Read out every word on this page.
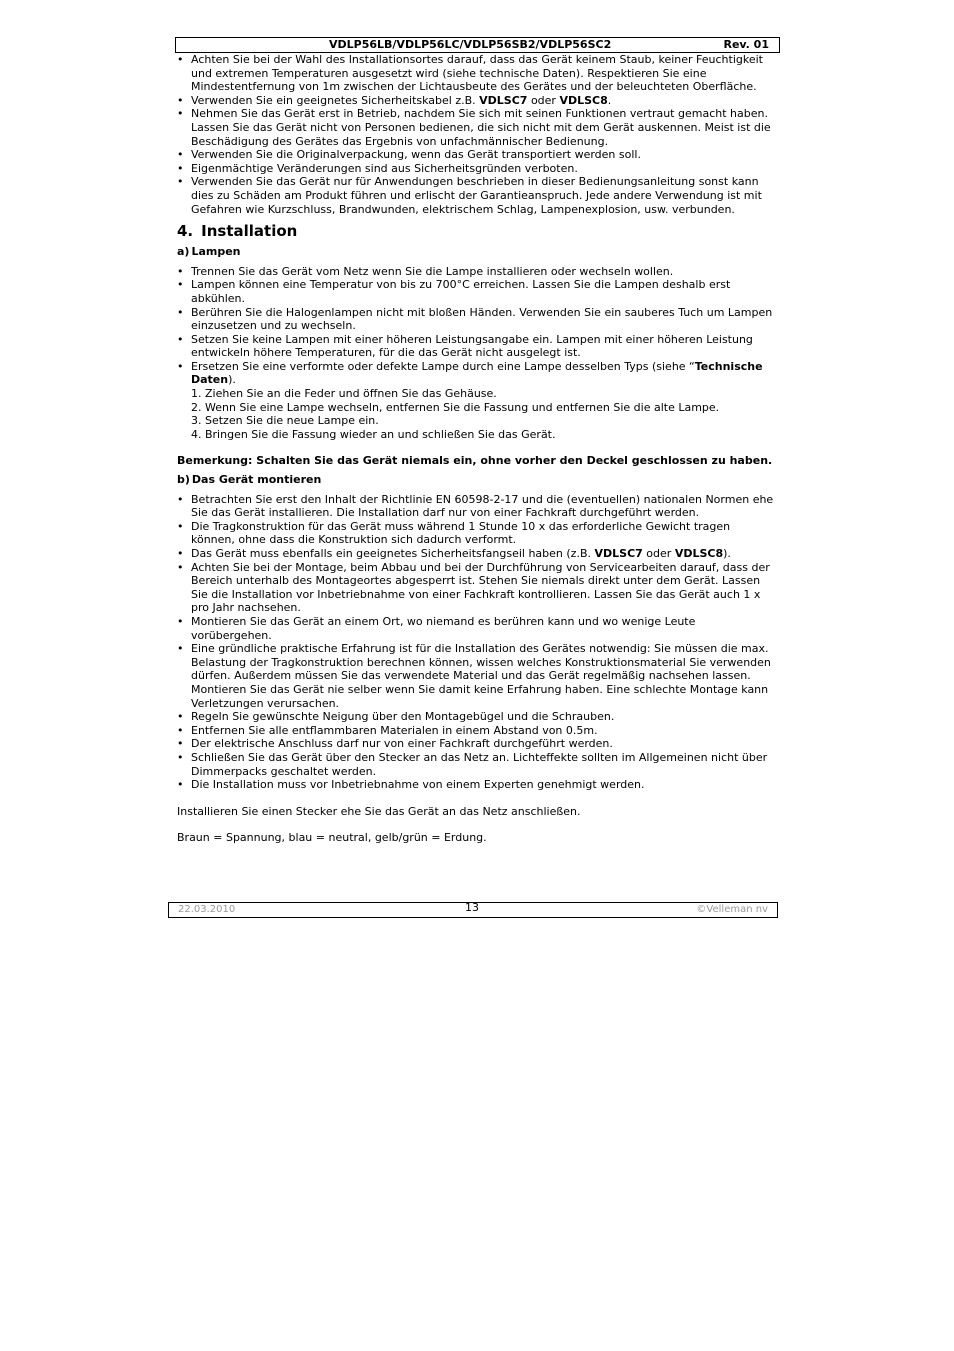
VDLP56LB/VDLP56LC/VDLP56SB2/VDLP56SC2	Rev. 01
• Achten Sie bei der Wahl des Installationsortes darauf, dass das Gerät keinem Staub, keiner Feuchtigkeit und extremen Temperaturen ausgesetzt wird (siehe technische Daten). Respektieren Sie eine Mindestentfernung von 1m zwischen der Lichtausbeute des Gerätes und der beleuchteten Oberfläche.
• Verwenden Sie ein geeignetes Sicherheitskabel z.B. VDLSC7 oder VDLSC8.
• Nehmen Sie das Gerät erst in Betrieb, nachdem Sie sich mit seinen Funktionen vertraut gemacht haben. Lassen Sie das Gerät nicht von Personen bedienen, die sich nicht mit dem Gerät auskennen. Meist ist die Beschädigung des Gerätes das Ergebnis von unfachmännischer Bedienung.
• Verwenden Sie die Originalverpackung, wenn das Gerät transportiert werden soll.
• Eigenmächtige Veränderungen sind aus Sicherheitsgründen verboten.
• Verwenden Sie das Gerät nur für Anwendungen beschrieben in dieser Bedienungsanleitung sonst kann dies zu Schäden am Produkt führen und erlischt der Garantieanspruch. Jede andere Verwendung ist mit Gefahren wie Kurzschluss, Brandwunden, elektrischem Schlag, Lampenexplosion, usw. verbunden.
4. Installation
a) Lampen
• Trennen Sie das Gerät vom Netz wenn Sie die Lampe installieren oder wechseln wollen.
• Lampen können eine Temperatur von bis zu 700°C erreichen. Lassen Sie die Lampen deshalb erst abkühlen.
• Berühren Sie die Halogenlampen nicht mit bloßen Händen. Verwenden Sie ein sauberes Tuch um Lampen einzusetzen und zu wechseln.
• Setzen Sie keine Lampen mit einer höheren Leistungsangabe ein. Lampen mit einer höheren Leistung entwickeln höhere Temperaturen, für die das Gerät nicht ausgelegt ist.
• Ersetzen Sie eine verformte oder defekte Lampe durch eine Lampe desselben Typs (siehe “Technische Daten).
1. Ziehen Sie an die Feder und öffnen Sie das Gehäuse.
2. Wenn Sie eine Lampe wechseln, entfernen Sie die Fassung und entfernen Sie die alte Lampe.
3. Setzen Sie die neue Lampe ein.
4. Bringen Sie die Fassung wieder an und schließen Sie das Gerät.

Bemerkung: Schalten Sie das Gerät niemals ein, ohne vorher den Deckel geschlossen zu haben.

b) Das Gerät montieren
• Betrachten Sie erst den Inhalt der Richtlinie EN 60598-2-17 und die (eventuellen) nationalen Normen ehe Sie das Gerät installieren. Die Installation darf nur von einer Fachkraft durchgeführt werden.
• Die Tragkonstruktion für das Gerät muss während 1 Stunde 10 x das erforderliche Gewicht tragen können, ohne dass die Konstruktion sich dadurch verformt.
• Das Gerät muss ebenfalls ein geeignetes Sicherheitsfangseil haben (z.B. VDLSC7 oder VDLSC8).
• Achten Sie bei der Montage, beim Abbau und bei der Durchführung von Servicearbeiten darauf, dass der Bereich unterhalb des Montageortes abgesperrt ist. Stehen Sie niemals direkt unter dem Gerät. Lassen Sie die Installation vor Inbetriebnahme von einer Fachkraft kontrollieren. Lassen Sie das Gerät auch 1 x pro Jahr nachsehen.
• Montieren Sie das Gerät an einem Ort, wo niemand es berühren kann und wo wenige Leute vorübergehen.
• Eine gründliche praktische Erfahrung ist für die Installation des Gerätes notwendig: Sie müssen die max. Belastung der Tragkonstruktion berechnen können, wissen welches Konstruktionsmaterial Sie verwenden dürfen. Außerdem müssen Sie das verwendete Material und das Gerät regelmäßig nachsehen lassen. Montieren Sie das Gerät nie selber wenn Sie damit keine Erfahrung haben. Eine schlechte Montage kann Verletzungen verursachen.
• Regeln Sie gewünschte Neigung über den Montagebügel und die Schrauben.
• Entfernen Sie alle entflammbaren Materialen in einem Abstand von 0.5m.
• Der elektrische Anschluss darf nur von einer Fachkraft durchgeführt werden.
• Schließen Sie das Gerät über den Stecker an das Netz an. Lichteffekte sollten im Allgemeinen nicht über Dimmerpacks geschaltet werden.
• Die Installation muss vor Inbetriebnahme von einem Experten genehmigt werden.

Installieren Sie einen Stecker ehe Sie das Gerät an das Netz anschließen.

Braun = Spannung, blau = neutral, gelb/grün = Erdung.

22.03.2010	13	©Velleman nv
